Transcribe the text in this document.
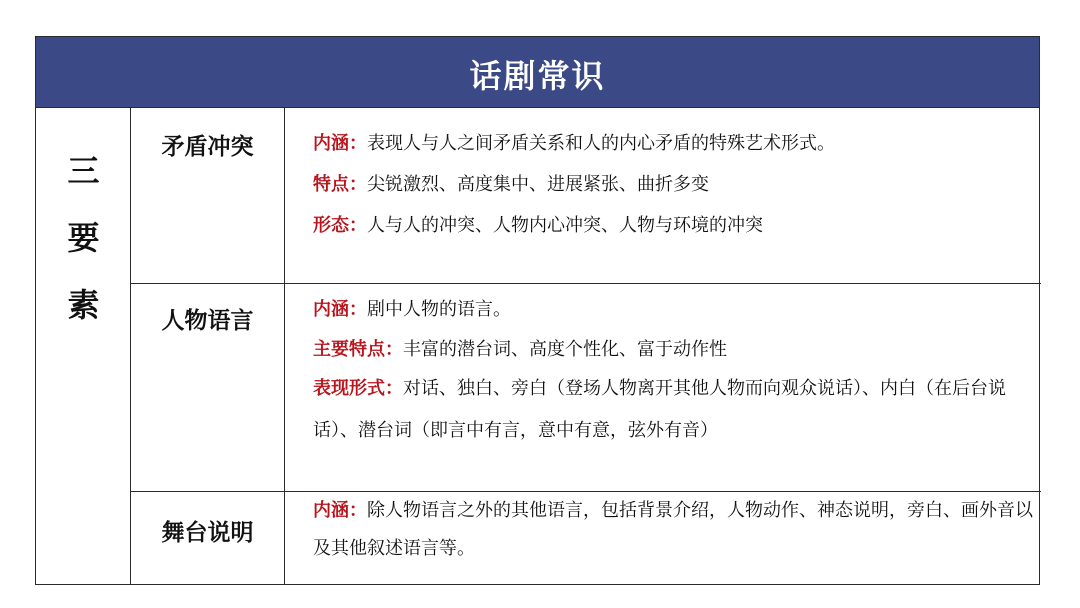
话剧常识
三
要
素
矛盾冲突	内涵：表现人与人之间矛盾关系和人的内心矛盾的特殊艺术形式。
特点：尖锐激烈、高度集中、进展紧张、曲折多变
形态：人与人的冲突、人物内心冲突、人物与环境的冲突
人物语言	内涵：剧中人物的语言。
主要特点：丰富的潜台词、高度个性化、富于动作性
表现形式：对话、独白、旁白（登场人物离开其他人物而向观众说话）、内白（在后台说话）、潜台词（即言中有言，意中有意，弦外有音）
舞台说明
内涵：除人物语言之外的其他语言，包括背景介绍，人物动作、神态说明，旁白、画外音以及其他叙述语言等。
